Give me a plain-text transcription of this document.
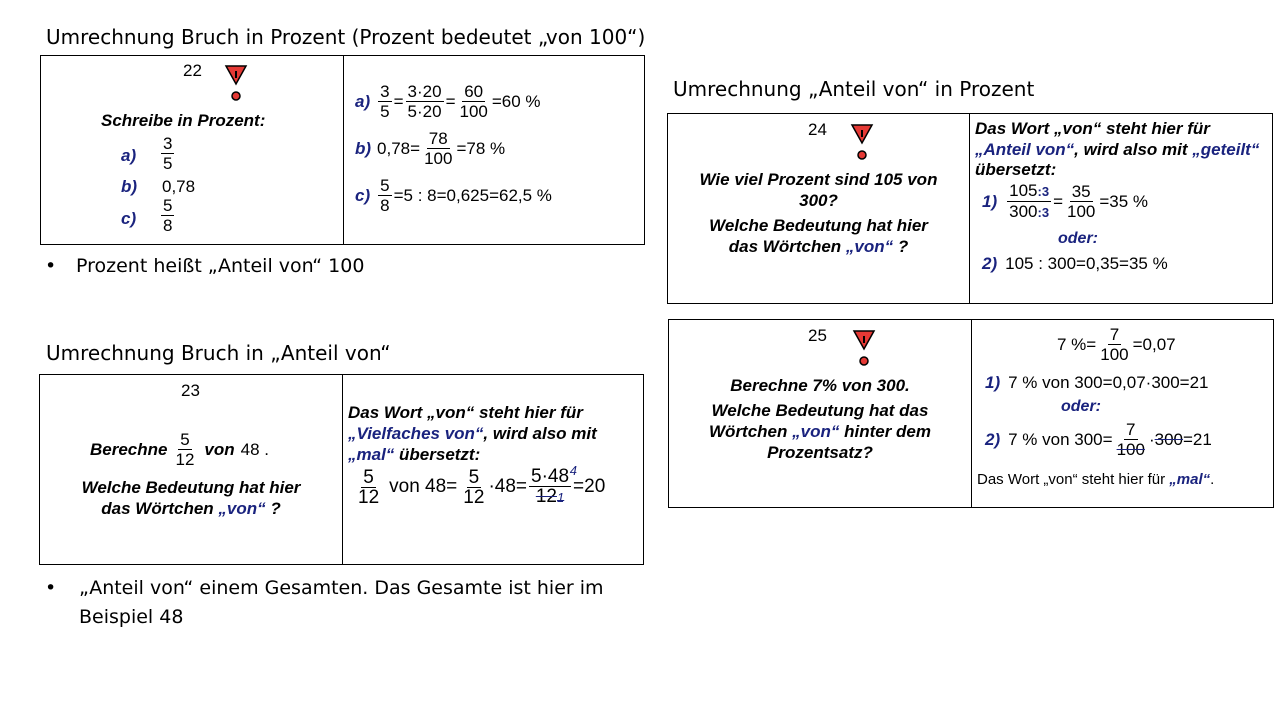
Umrechnung Bruch in Prozent (Prozent bedeutet „von 100“)
Umrechnung Bruch in „Anteil von“
Umrechnung „Anteil von“ in Prozent
• Prozent heißt „Anteil von“ 100
• „Anteil von“ einem Gesamten. Das Gesamte ist hier im Beispiel 48
22
Schreibe in Prozent:
$a) \frac{3}{5}$
b) 0,78
$c) \frac{5}{8}$
$a) \frac{3}{5} = \frac{3\cdot 20}{5\cdot 20} = \frac{60}{100} =60$ %
b) $0,78= \frac{78}{100} =78$ %
$c) \frac{5}{8} =5$ : 8=0,625=62,5 %
23
Berechne $\frac{5}{12}$ von 48 .
Welche Bedeutung hat hier
das Wörtchen „von“ ?
Das Wort „von“ steht hier für
„Vielfaches von“, wird also mit
„mal“ übersetzt:
$\frac{5}{12}$ von $48= \frac{5}{12} \cdot 48= \frac{5\cdot 48 4}{121} =20$
24
Wie viel Prozent sind 105 von
300?
Welche Bedeutung hat hier
das Wörtchen „von“ ?
Das Wort „von“ steht hier für
„Anteil von“, wird also mit „geteilt“
übersetzt:
$1) \frac{105:3}{300:3} = \frac{35}{100} =35$ %
oder:
2) 105 : 300=0,35=35 %
25
Berechne 7% von 300.
Welche Bedeutung hat das
Wörtchen „von“ hinter dem
Prozentsatz?
7 %= $\frac{7}{100} =0,07$
1) 7 % von 300=0,07·300=21
oder:
2) 7 % von $300= \frac{7}{100} \cdot 300 =21$
Das Wort „von“ steht hier für „mal“.
